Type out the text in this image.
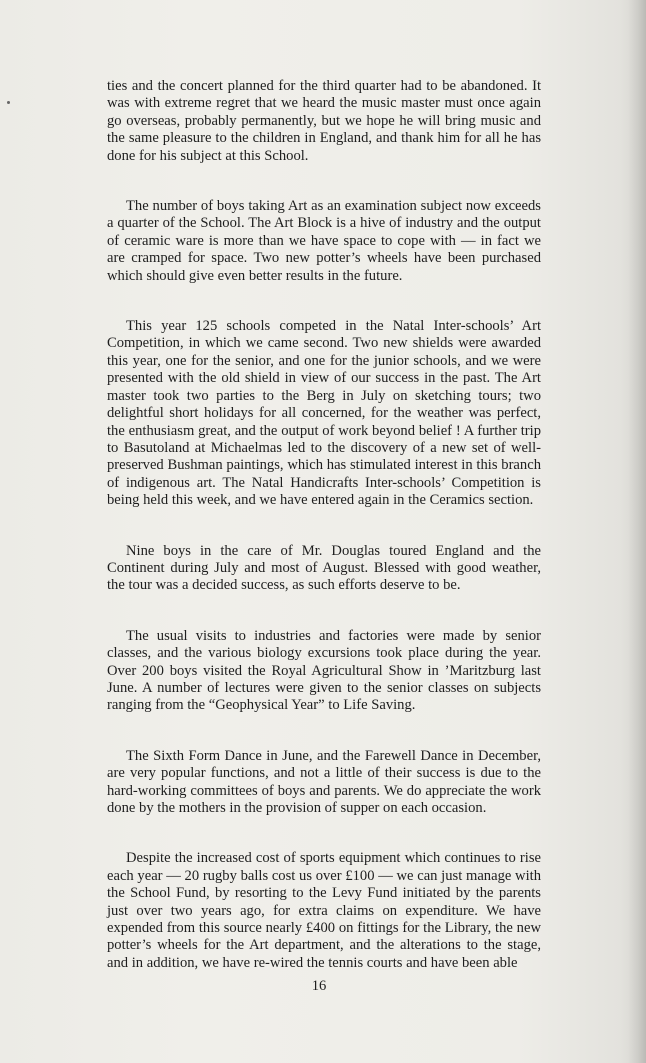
ties and the concert planned for the third quarter had to be abandoned. It was with extreme regret that we heard the music master must once again go overseas, probably permanently, but we hope he will bring music and the same pleasure to the children in England, and thank him for all he has done for his subject at this School.

The number of boys taking Art as an examination subject now exceeds a quarter of the School. The Art Block is a hive of industry and the output of ceramic ware is more than we have space to cope with — in fact we are cramped for space. Two new potter’s wheels have been purchased which should give even better results in the future.

This year 125 schools competed in the Natal Inter-schools’ Art Competition, in which we came second. Two new shields were awarded this year, one for the senior, and one for the junior schools, and we were presented with the old shield in view of our success in the past. The Art master took two parties to the Berg in July on sketching tours; two delightful short holidays for all concerned, for the weather was perfect, the enthusiasm great, and the output of work beyond belief ! A further trip to Basutoland at Michaelmas led to the discovery of a new set of well-preserved Bushman paintings, which has stimulated interest in this branch of indigenous art. The Natal Handicrafts Inter-schools’ Competition is being held this week, and we have entered again in the Ceramics section.

Nine boys in the care of Mr. Douglas toured England and the Continent during July and most of August. Blessed with good weather, the tour was a decided success, as such efforts deserve to be.

The usual visits to industries and factories were made by senior classes, and the various biology excursions took place during the year. Over 200 boys visited the Royal Agricultural Show in ’Maritzburg last June. A number of lectures were given to the senior classes on subjects ranging from the “Geophysical Year” to Life Saving.

The Sixth Form Dance in June, and the Farewell Dance in December, are very popular functions, and not a little of their success is due to the hard-working committees of boys and parents. We do appreciate the work done by the mothers in the provision of supper on each occasion.

Despite the increased cost of sports equipment which continues to rise each year — 20 rugby balls cost us over £100 — we can just manage with the School Fund, by resorting to the Levy Fund initiated by the parents just over two years ago, for extra claims on expenditure. We have expended from this source nearly £400 on fittings for the Library, the new potter’s wheels for the Art department, and the alterations to the stage, and in addition, we have re-wired the tennis courts and have been able

16
